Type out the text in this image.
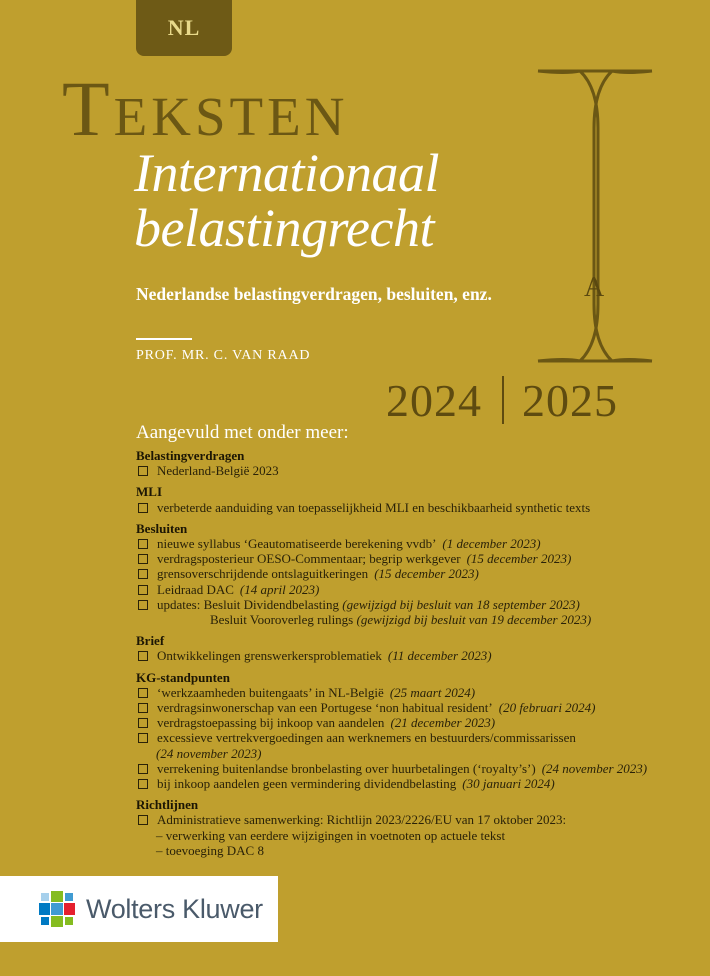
NL
Teksten
A
Internationaal
belastingrecht
Nederlandse belastingverdragen, besluiten, enz.
PROF. MR. C. VAN RAAD
2024 2025
Aangevuld met onder meer:
Belastingverdragen
Nederland-België 2023
MLI
verbeterde aanduiding van toepasselijkheid MLI en beschikbaarheid synthetic texts
Besluiten
nieuwe syllabus ‘Geautomatiseerde berekening vvdb’ (1 december 2023)
verdragsposterieur OESO-Commentaar; begrip werkgever (15 december 2023)
grensoverschrijdende ontslaguitkeringen (15 december 2023)
Leidraad DAC (14 april 2023)
updates: Besluit Dividendbelasting (gewijzigd bij besluit van 18 september 2023)
Besluit Vooroverleg rulings (gewijzigd bij besluit van 19 december 2023)
Brief
Ontwikkelingen grenswerkersproblematiek (11 december 2023)
KG-standpunten
‘werkzaamheden buitengaats’ in NL-België (25 maart 2024)
verdragsinwonerschap van een Portugese ‘non habitual resident’ (20 februari 2024)
verdragstoepassing bij inkoop van aandelen (21 december 2023)
excessieve vertrekvergoedingen aan werknemers en bestuurders/commissarissen
(24 november 2023)
verrekening buitenlandse bronbelasting over huurbetalingen (‘royalty’s’) (24 november 2023)
bij inkoop aandelen geen vermindering dividendbelasting (30 januari 2024)
Richtlijnen
Administratieve samenwerking: Richtlijn 2023/2226/EU van 17 oktober 2023:
– verwerking van eerdere wijzigingen in voetnoten op actuele tekst
– toevoeging DAC 8
Wolters Kluwer
